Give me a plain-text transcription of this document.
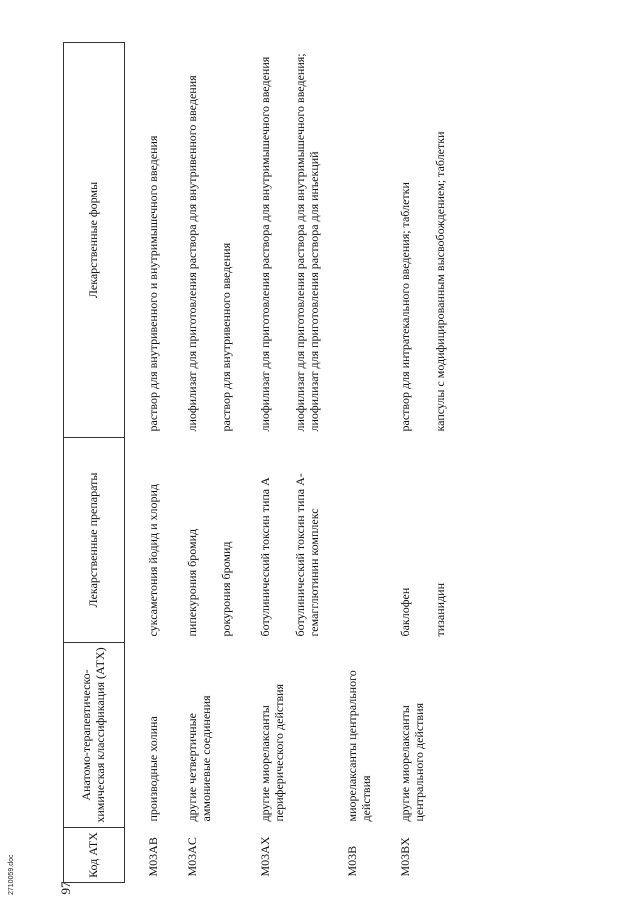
97
2710059.doc	Код АТХ	Анатомо-терапевтическо-химическая классификация (АТХ)	Лекарственные препараты	Лекарственные формы
M03AB	производные холина	суксаметония йодид и хлорид	раствор для внутривенного и внутримышечного введения
M03AC	другие четвертичные аммониевые соединения	пипекурония бромид	лиофилизат для приготовления раствора для внутривенного введения
		рокурония бромид	раствор для внутривенного введения
M03AX	другие миорелаксанты периферического действия	ботулинический токсин типа А	лиофилизат для приготовления раствора для внутримышечного введения
		ботулинический токсин типа А-гемагглютинин комплекс	лиофилизат для приготовления раствора для внутримышечного введения; лиофилизат для приготовления раствора для инъекций
M03B	миорелаксанты центрального действия		
M03BX	другие миорелаксанты центрального действия	баклофен	раствор для интратекального введения; таблетки
		тизанидин	капсулы с модифицированным высвобождением; таблетки
